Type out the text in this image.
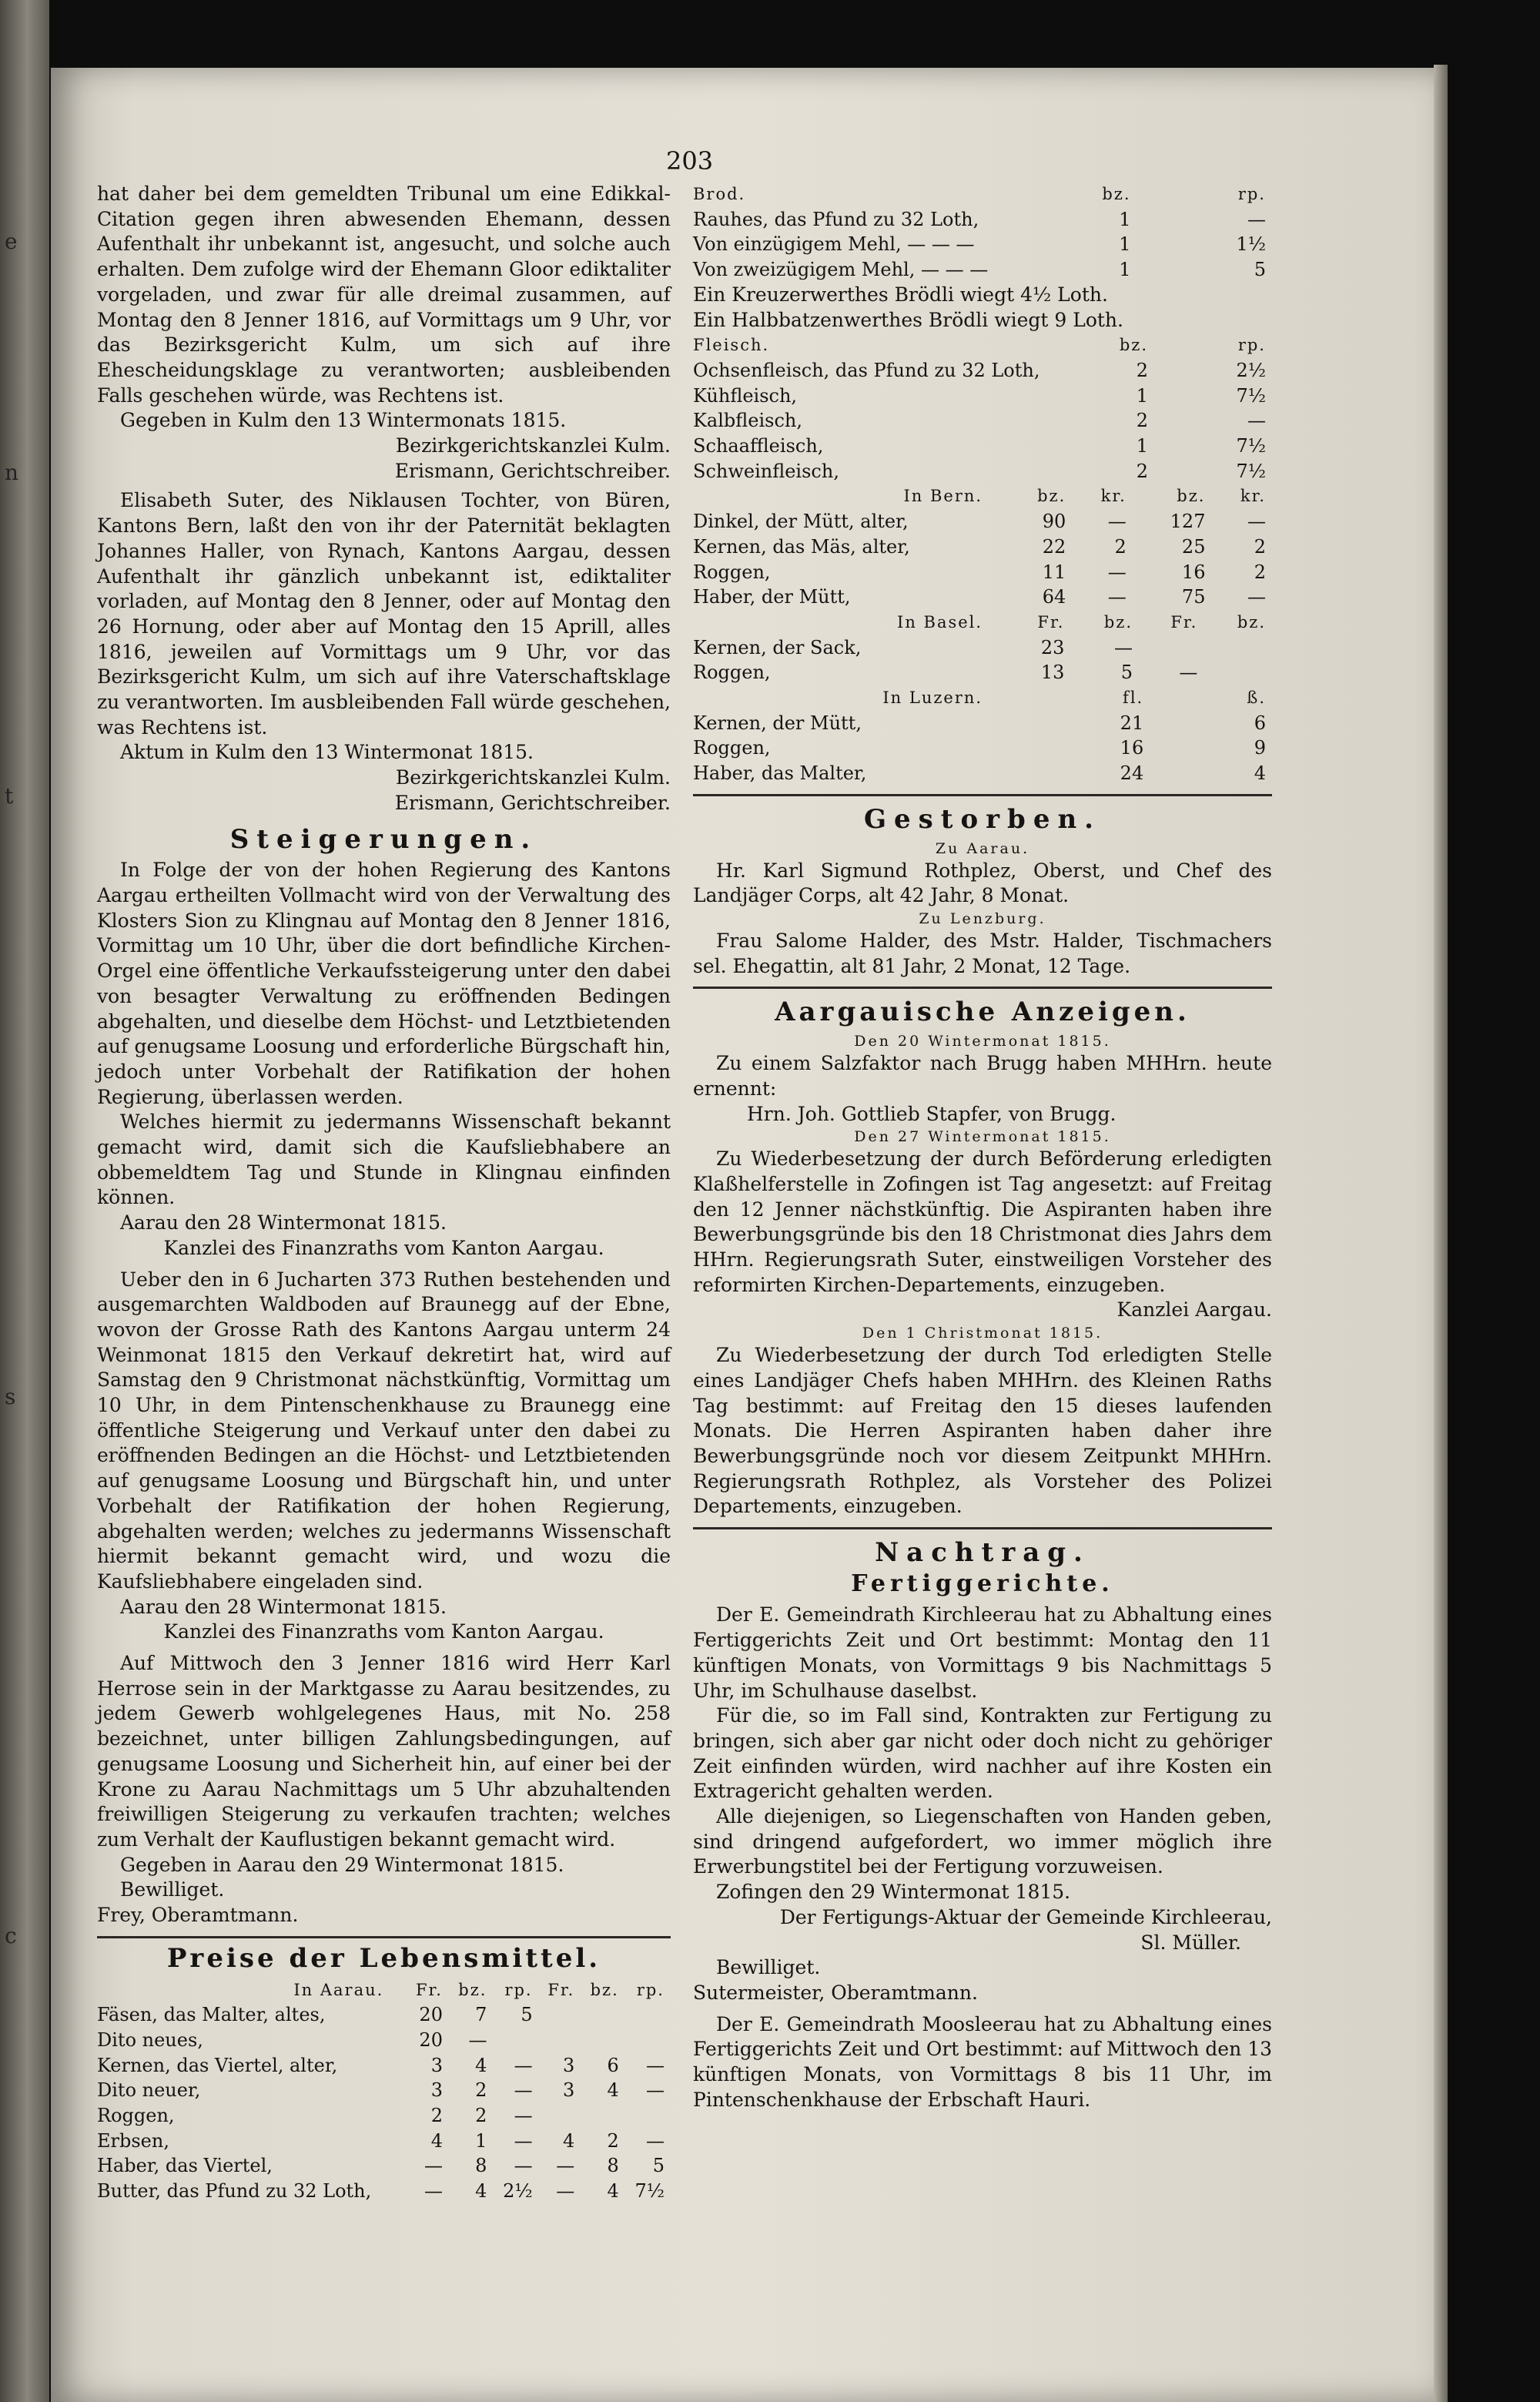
e
n
t
s
c
203

hat daher bei dem gemeldten Tribunal um eine Edikkal-Citation gegen ihren abwesenden Ehemann, dessen Aufenthalt ihr unbekannt ist, angesucht, und solche auch erhalten. Dem zufolge wird der Ehemann Gloor ediktaliter vorgeladen, und zwar für alle dreimal zusammen, auf Montag den 8 Jenner 1816, auf Vormittags um 9 Uhr, vor das Bezirksgericht Kulm, um sich auf ihre Ehescheidungsklage zu verantworten; ausbleibenden Falls geschehen würde, was Rechtens ist.

Gegeben in Kulm den 13 Wintermonats 1815.

Bezirkgerichtskanzlei Kulm.

Erismann, Gerichtschreiber.

Elisabeth Suter, des Niklausen Tochter, von Büren, Kantons Bern, laßt den von ihr der Paternität beklagten Johannes Haller, von Rynach, Kantons Aargau, dessen Aufenthalt ihr gänzlich unbekannt ist, ediktaliter vorladen, auf Montag den 8 Jenner, oder auf Montag den 26 Hornung, oder aber auf Montag den 15 Aprill, alles 1816, jeweilen auf Vormittags um 9 Uhr, vor das Bezirksgericht Kulm, um sich auf ihre Vaterschaftsklage zu verantworten. Im ausbleibenden Fall würde geschehen, was Rechtens ist.

Aktum in Kulm den 13 Wintermonat 1815.

Bezirkgerichtskanzlei Kulm.

Erismann, Gerichtschreiber.

Steigerungen.

In Folge der von der hohen Regierung des Kantons Aargau ertheilten Vollmacht wird von der Verwaltung des Klosters Sion zu Klingnau auf Montag den 8 Jenner 1816, Vormittag um 10 Uhr, über die dort befindliche Kirchen-Orgel eine öffentliche Verkaufssteigerung unter den dabei von besagter Verwaltung zu eröffnenden Bedingen abgehalten, und dieselbe dem Höchst- und Letztbietenden auf genugsame Loosung und erforderliche Bürgschaft hin, jedoch unter Vorbehalt der Ratifikation der hohen Regierung, überlassen werden.

Welches hiermit zu jedermanns Wissenschaft bekannt gemacht wird, damit sich die Kaufsliebhabere an obbemeldtem Tag und Stunde in Klingnau einfinden können.

Aarau den 28 Wintermonat 1815.

Kanzlei des Finanzraths vom Kanton Aargau.

Ueber den in 6 Jucharten 373 Ruthen bestehenden und ausgemarchten Waldboden auf Braunegg auf der Ebne, wovon der Grosse Rath des Kantons Aargau unterm 24 Weinmonat 1815 den Verkauf dekretirt hat, wird auf Samstag den 9 Christmonat nächstkünftig, Vormittag um 10 Uhr, in dem Pintenschenkhause zu Braunegg eine öffentliche Steigerung und Verkauf unter den dabei zu eröffnenden Bedingen an die Höchst- und Letztbietenden auf genugsame Loosung und Bürgschaft hin, und unter Vorbehalt der Ratifikation der hohen Regierung, abgehalten werden; welches zu jedermanns Wissenschaft hiermit bekannt gemacht wird, und wozu die Kaufsliebhabere eingeladen sind.

Aarau den 28 Wintermonat 1815.

Kanzlei des Finanzraths vom Kanton Aargau.

Auf Mittwoch den 3 Jenner 1816 wird Herr Karl Herrose sein in der Marktgasse zu Aarau besitzendes, zu jedem Gewerb wohlgelegenes Haus, mit No. 258 bezeichnet, unter billigen Zahlungsbedingungen, auf genugsame Loosung und Sicherheit hin, auf einer bei der Krone zu Aarau Nachmittags um 5 Uhr abzuhaltenden freiwilligen Steigerung zu verkaufen trachten; welches zum Verhalt der Kauflustigen bekannt gemacht wird.

Gegeben in Aarau den 29 Wintermonat 1815.

Bewilliget.

Frey, Oberamtmann.

Preise der Lebensmittel.
In Aarau.	Fr.	bz.	rp.	Fr.	bz.	rp.
Fäsen, das Malter, altes,	20	7	5			
Dito neues,	20	—				
Kernen, das Viertel, alter,	3	4	—	3	6	—
Dito neuer,	3	2	—	3	4	—
Roggen,	2	2	—			
Erbsen,	4	1	—	4	2	—
Haber, das Viertel,	—	8	—	—	8	5
Butter, das Pfund zu 32 Loth,	—	4	2½	—	4	7½
Brod.	bz.	rp.
Rauhes, das Pfund zu 32 Loth,	1	—
Von einzügigem Mehl, — — —	1	1½
Von zweizügigem Mehl, — — —	1	5

Ein Kreuzerwerthes Brödli wiegt 4½ Loth.

Ein Halbbatzenwerthes Brödli wiegt 9 Loth.

Fleisch.	bz.	rp.
Ochsenfleisch, das Pfund zu 32 Loth,	2	2½
Kühfleisch,	1	7½
Kalbfleisch,	2	—
Schaaffleisch,	1	7½
Schweinfleisch,	2	7½
In Bern.	bz.	kr.	bz.	kr.
Dinkel, der Mütt, alter,	90	—	127	—
Kernen, das Mäs, alter,	22	2	25	2
Roggen,	11	—	16	2
Haber, der Mütt,	64	—	75	—
In Basel.	Fr.	bz.	Fr.	bz.
Kernen, der Sack,	23	—		
Roggen,	13	5	—	
In Luzern.	fl.	ß.
Kernen, der Mütt,	21	6
Roggen,	16	9
Haber, das Malter,	24	4
Gestorben.
Zu Aarau.

Hr. Karl Sigmund Rothplez, Oberst, und Chef des Landjäger Corps, alt 42 Jahr, 8 Monat.

Zu Lenzburg.

Frau Salome Halder, des Mstr. Halder, Tischmachers sel. Ehegattin, alt 81 Jahr, 2 Monat, 12 Tage.

Aargauische Anzeigen.
Den 20 Wintermonat 1815.

Zu einem Salzfaktor nach Brugg haben MHHrn. heute ernennt:

Hrn. Joh. Gottlieb Stapfer, von Brugg.

Den 27 Wintermonat 1815.

Zu Wiederbesetzung der durch Beförderung erledigten Klaßhelferstelle in Zofingen ist Tag angesetzt: auf Freitag den 12 Jenner nächstkünftig. Die Aspiranten haben ihre Bewerbungsgründe bis den 18 Christmonat dies Jahrs dem HHrn. Regierungsrath Suter, einstweiligen Vorsteher des reformirten Kirchen-Departements, einzugeben.

Kanzlei Aargau.

Den 1 Christmonat 1815.

Zu Wiederbesetzung der durch Tod erledigten Stelle eines Landjäger Chefs haben MHHrn. des Kleinen Raths Tag bestimmt: auf Freitag den 15 dieses laufenden Monats. Die Herren Aspiranten haben daher ihre Bewerbungsgründe noch vor diesem Zeitpunkt MHHrn. Regierungsrath Rothplez, als Vorsteher des Polizei Departements, einzugeben.

Nachtrag.
Fertiggerichte.

Der E. Gemeindrath Kirchleerau hat zu Abhaltung eines Fertiggerichts Zeit und Ort bestimmt: Montag den 11 künftigen Monats, von Vormittags 9 bis Nachmittags 5 Uhr, im Schulhause daselbst.

Für die, so im Fall sind, Kontrakten zur Fertigung zu bringen, sich aber gar nicht oder doch nicht zu gehöriger Zeit einfinden würden, wird nachher auf ihre Kosten ein Extragericht gehalten werden.

Alle diejenigen, so Liegenschaften von Handen geben, sind dringend aufgefordert, wo immer möglich ihre Erwerbungstitel bei der Fertigung vorzuweisen.

Zofingen den 29 Wintermonat 1815.

Der Fertigungs-Aktuar der Gemeinde Kirchleerau,

Sl. Müller.

Bewilliget.

Sutermeister, Oberamtmann.

Der E. Gemeindrath Moosleerau hat zu Abhaltung eines Fertiggerichts Zeit und Ort bestimmt: auf Mittwoch den 13 künftigen Monats, von Vormittags 8 bis 11 Uhr, im Pintenschenkhause der Erbschaft Hauri.
